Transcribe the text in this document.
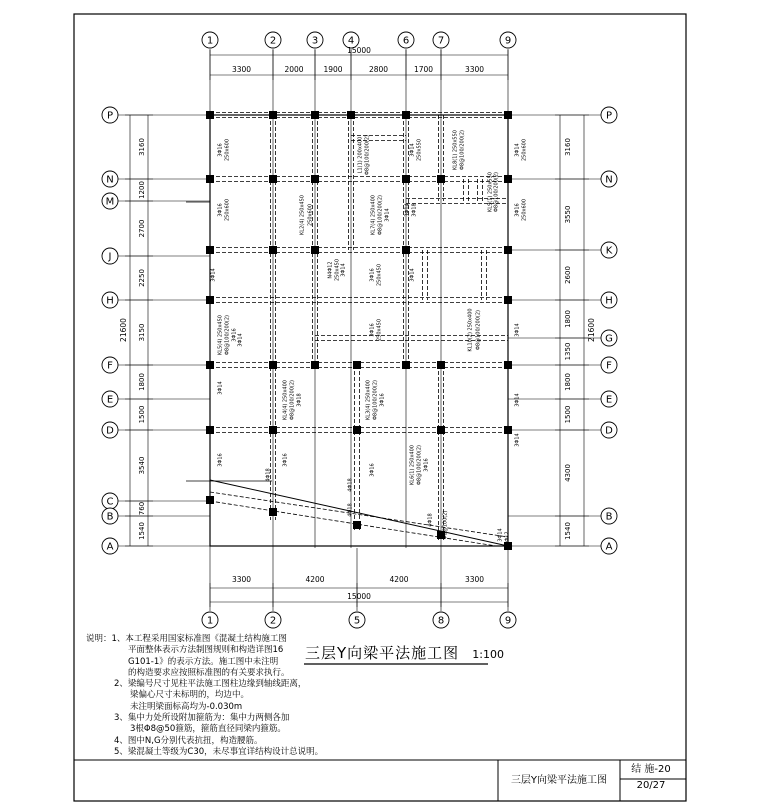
1	2	3	4	6	7	9
1	2	5	8	9
P
N
M
J
H
F
E
D
C
B
A
P
N
K
H
G
F
E
D
B
A
15000
3300	2000	1900	2800	1700	3300
3300	4200	4200	3300
15000
21600
3160
1200
2700
2250
3150
1800
1500
3540
760
1540
3160
3550
2600
1800
1350
1800
1500
4300
1540
21600
3Φ16 250x600
KL2(4) 250x450 250x600	KL7(4) 250x400 Φ8@100/200(2) 3Φ14
L1(1) 200x400 Φ8@100/200(2)	3Φ14 250x550	KL8(1) 250x550 Φ8@100/200(2)
KL9(1) 250x550 Φ8@100/200(2)
3Φ14 250x600
3Φ16 250x600	3Φ16 250x600
3Φ14 3Φ18
N4Φ12 250x450 3Φ14	3Φ16 250x450
3Φ14	3Φ14
KL5(4) 250x450 Φ8@100/200(2) 3Φ16 3Φ14
3Φ16 250x450	KL10(2) 250x400 Φ8@100/200(2)	3Φ14
KL4(4) 250x400 Φ8@100/200(2) 3Φ18	KL3(4) 250x400 Φ8@100/200(2) 3Φ16	3Φ14
3Φ14
KL6(1) 250x400 Φ8@100/200(2) 3Φ16
3Φ16
4Φ18
4Φ18
4Φ18
4Φ18 Φ8@100(2)	3Φ14 N2Φ12
3Φ16
3Φ16
3Φ14
说明：1、本工程采用国家标准图《混凝土结构施工图
平面整体表示方法制图规则和构造详图16
G101-1》的表示方法。施工图中未注明
的构造要求应按照标准图的有关要求执行。
2、梁编号尺寸见柱平法施工图柱边缘到轴线距离，
梁偏心尺寸未标明的，均边中。
未注明梁面标高均为-0.030m
3、集中力处所设附加箍筋为：集中力两侧各加
3根Φ8@50箍筋，箍筋直径同梁内箍筋。
4、图中N,G分别代表抗扭，构造腰筋。
5、梁混凝土等级为C30，未尽事宜详结构设计总说明。
三层Y向梁平法施工图 1:100
三层Y向梁平法施工图
结 施-20
20/27
